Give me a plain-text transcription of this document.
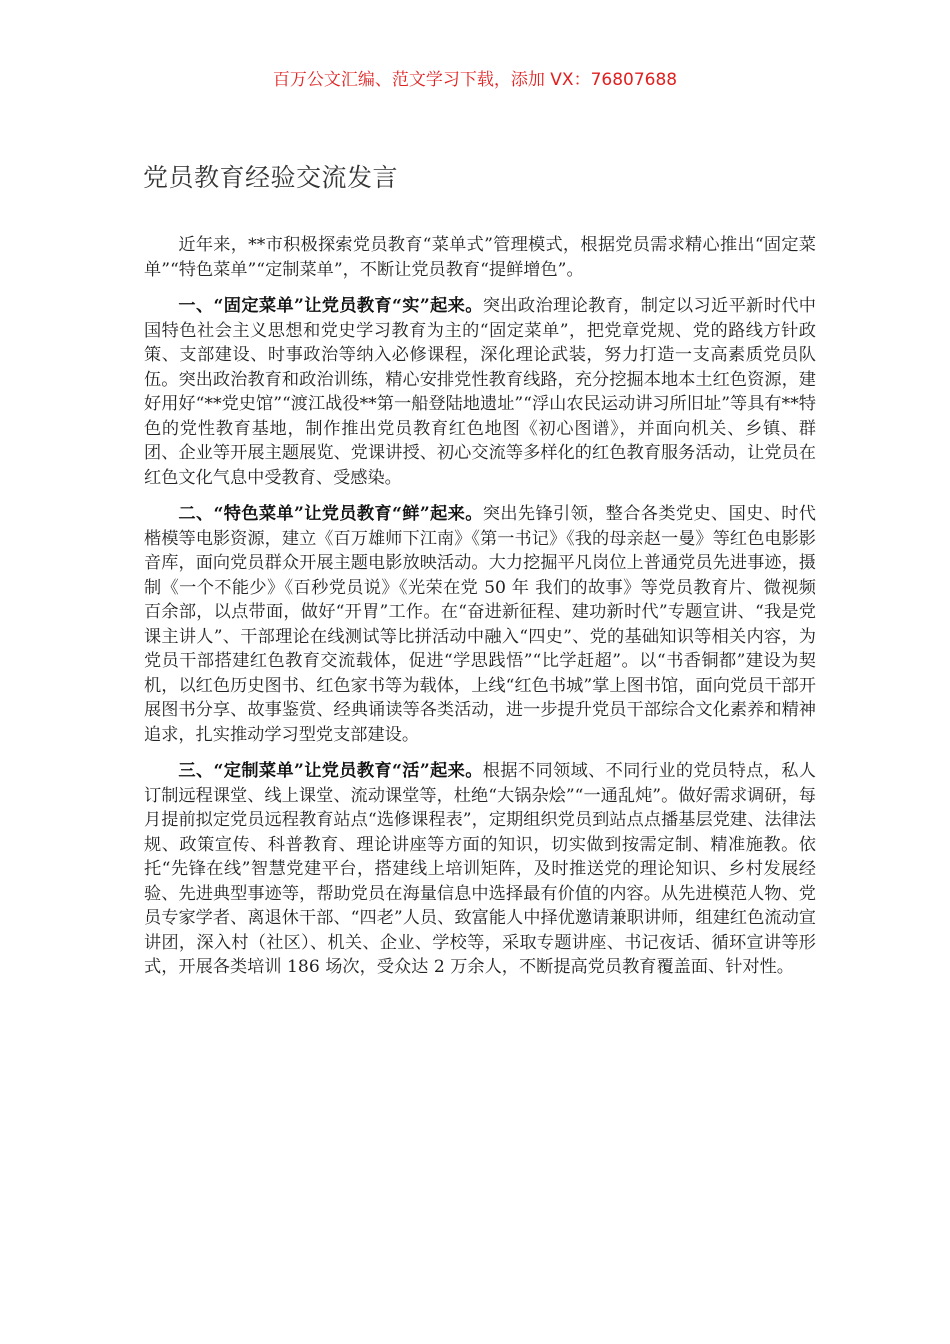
百万公文汇编、范文学习下载，添加 VX：76807688
党员教育经验交流发言

近年来，**市积极探索党员教育“菜单式”管理模式，根据党员需求精心推出“固定菜单”“特色菜单”“定制菜单”，不断让党员教育“提鲜增色”。

一、“固定菜单”让党员教育“实”起来。突出政治理论教育，制定以习近平新时代中国特色社会主义思想和党史学习教育为主的“固定菜单”，把党章党规、党的路线方针政策、支部建设、时事政治等纳入必修课程，深化理论武装，努力打造一支高素质党员队伍。突出政治教育和政治训练，精心安排党性教育线路，充分挖掘本地本土红色资源，建好用好“**党史馆”“渡江战役**第一船登陆地遗址”“浮山农民运动讲习所旧址”等具有**特色的党性教育基地，制作推出党员教育红色地图《初心图谱》，并面向机关、乡镇、群团、企业等开展主题展览、党课讲授、初心交流等多样化的红色教育服务活动，让党员在红色文化气息中受教育、受感染。

二、“特色菜单”让党员教育“鲜”起来。突出先锋引领，整合各类党史、国史、时代楷模等电影资源，建立《百万雄师下江南》《第一书记》《我的母亲赵一曼》等红色电影影音库，面向党员群众开展主题电影放映活动。大力挖掘平凡岗位上普通党员先进事迹，摄制《一个不能少》《百秒党员说》《光荣在党 50 年 我们的故事》等党员教育片、微视频百余部，以点带面，做好“开胃”工作。在“奋进新征程、建功新时代”专题宣讲、“我是党课主讲人”、干部理论在线测试等比拼活动中融入“四史”、党的基础知识等相关内容，为党员干部搭建红色教育交流载体，促进“学思践悟”“比学赶超”。以“书香铜都”建设为契机，以红色历史图书、红色家书等为载体，上线“红色书城”掌上图书馆，面向党员干部开展图书分享、故事鉴赏、经典诵读等各类活动，进一步提升党员干部综合文化素养和精神追求，扎实推动学习型党支部建设。

三、“定制菜单”让党员教育“活”起来。根据不同领域、不同行业的党员特点，私人订制远程课堂、线上课堂、流动课堂等，杜绝“大锅杂烩”“一通乱炖”。做好需求调研，每月提前拟定党员远程教育站点“选修课程表”，定期组织党员到站点点播基层党建、法律法规、政策宣传、科普教育、理论讲座等方面的知识，切实做到按需定制、精准施教。依托“先锋在线”智慧党建平台，搭建线上培训矩阵，及时推送党的理论知识、乡村发展经验、先进典型事迹等，帮助党员在海量信息中选择最有价值的内容。从先进模范人物、党员专家学者、离退休干部、“四老”人员、致富能人中择优邀请兼职讲师，组建红色流动宣讲团，深入村（社区）、机关、企业、学校等，采取专题讲座、书记夜话、循环宣讲等形式，开展各类培训 186 场次，受众达 2 万余人，不断提高党员教育覆盖面、针对性。
